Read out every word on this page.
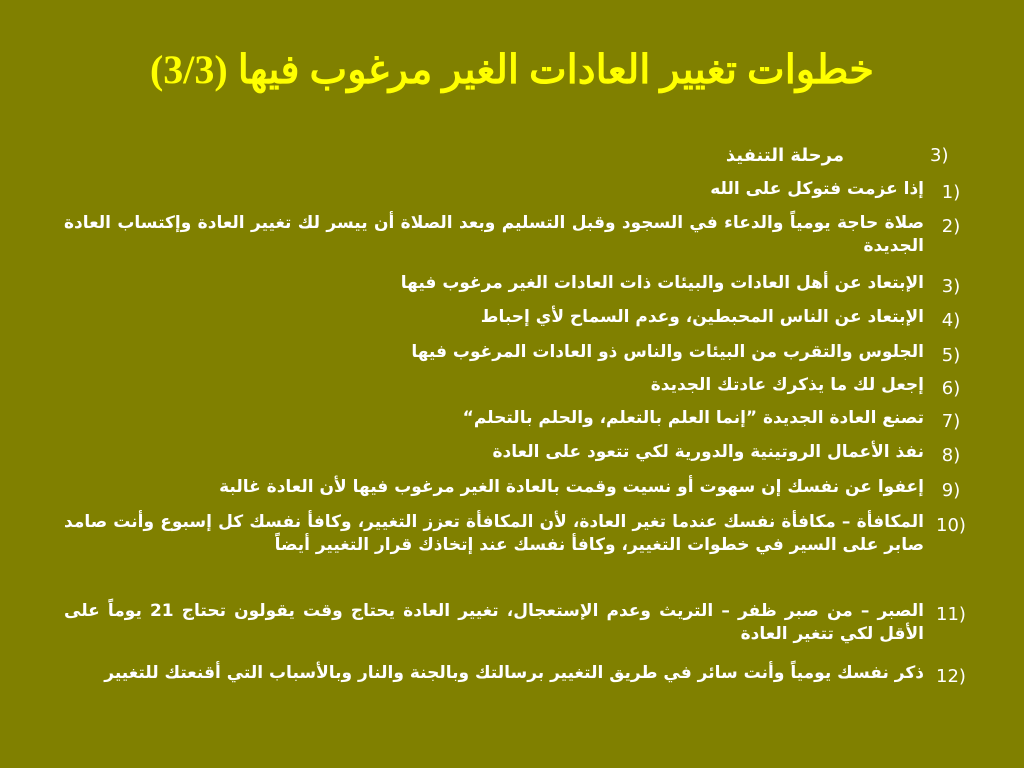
خطوات تغيير العادات الغير مرغوب فيها (3/3)
3)
مرحلة التنفيذ
1)
إذا عزمت فتوكل على الله
2)
صلاة حاجة يومياً والدعاء في السجود وقبل التسليم وبعد الصلاة أن ييسر لك تغيير العادة وإكتساب العادة الجديدة
3)
الإبتعاد عن أهل العادات والبيئات ذات العادات الغير مرغوب فيها
4)
الإبتعاد عن الناس المحبطين، وعدم السماح لأي إحباط
5)
الجلوس والتقرب من البيئات والناس ذو العادات المرغوب فيها
6)
إجعل لك ما يذكرك عادتك الجديدة
7)
تصنع العادة الجديدة ”إنما العلم بالتعلم، والحلم بالتحلم“
8)
نفذ الأعمال الروتينية والدورية لكي تتعود على العادة
9)
إعفوا عن نفسك إن سهوت أو نسيت وقمت بالعادة الغير مرغوب فيها لأن العادة غالبة
10)
المكافأة – مكافأة نفسك عندما تغير العادة، لأن المكافأة تعزز التغيير، وكافأ نفسك كل إسبوع وأنت صامد صابر على السير في خطوات التغيير، وكافأ نفسك عند إتخاذك قرار التغيير أيضاً
11)
الصبر – من صبر ظفر – التريث وعدم الإستعجال، تغيير العادة يحتاج وقت يقولون تحتاج 21 يوماً على الأقل لكي تتغير العادة
12)
ذكر نفسك يومياً وأنت سائر في طريق التغيير برسالتك وبالجنة والنار وبالأسباب التي أقنعتك للتغيير
